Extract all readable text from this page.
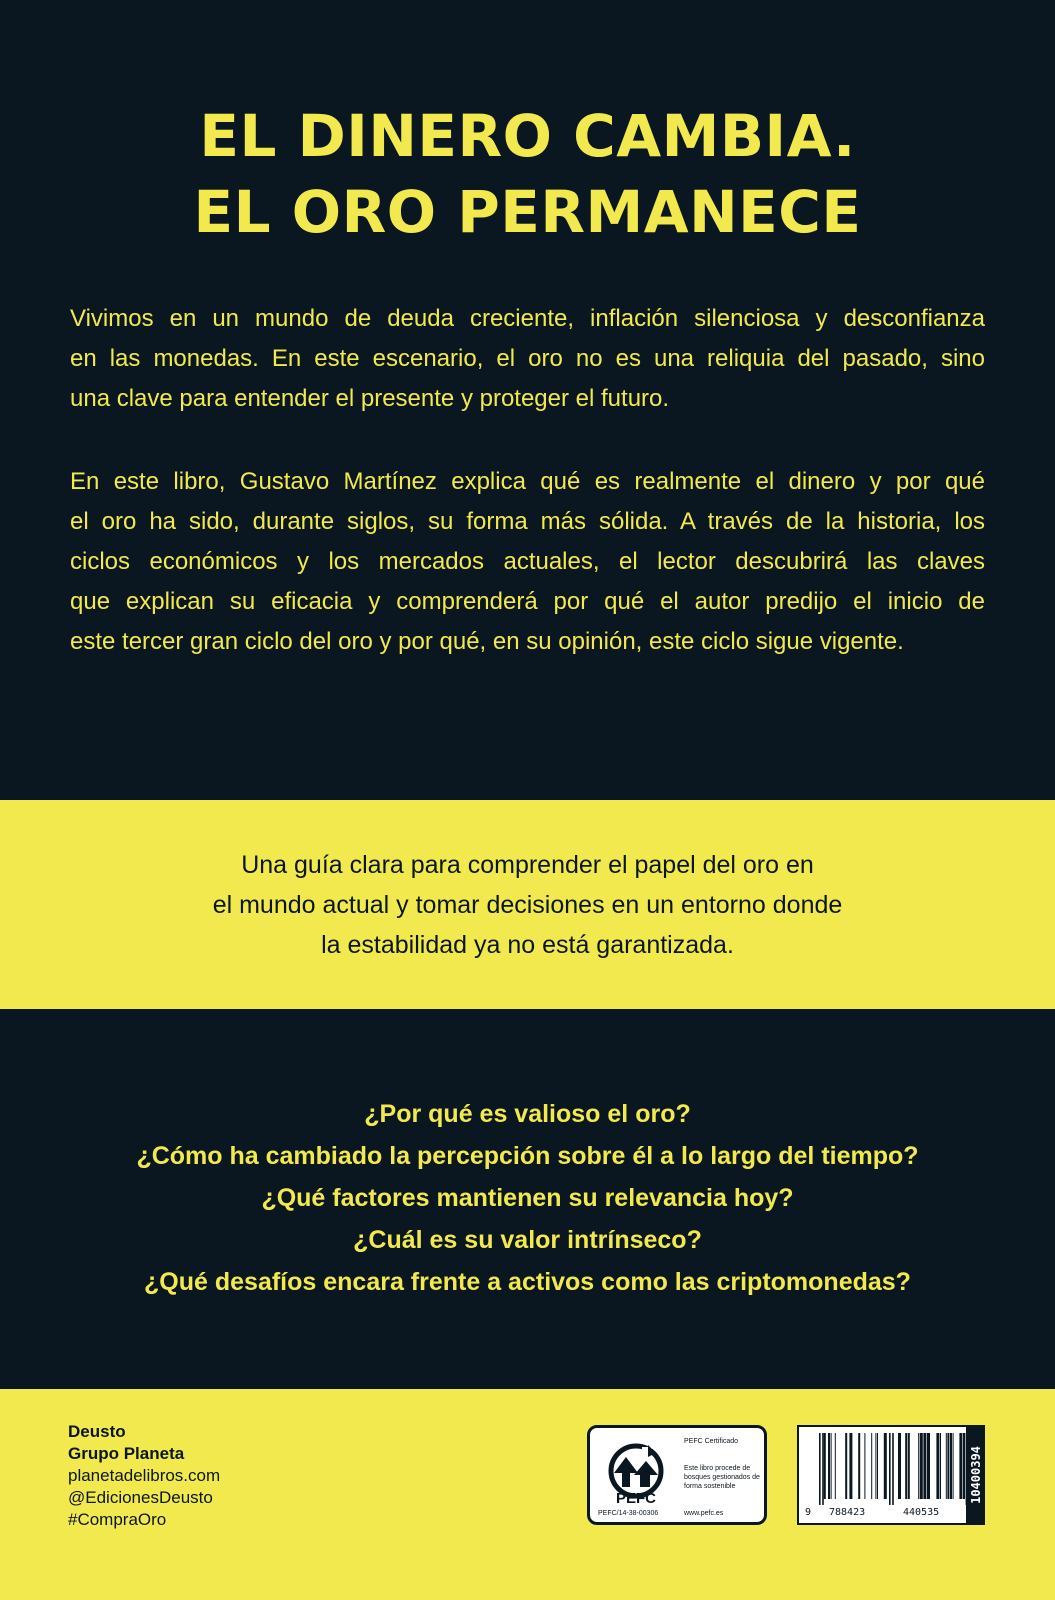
EL DINERO CAMBIA.
EL ORO PERMANECE
Vivimos en un mundo de deuda creciente, inflación silenciosa y desconfianza
en las monedas. En este escenario, el oro no es una reliquia del pasado, sino
una clave para entender el presente y proteger el futuro.
En este libro, Gustavo Martínez explica qué es realmente el dinero y por qué
el oro ha sido, durante siglos, su forma más sólida. A través de la historia, los
ciclos económicos y los mercados actuales, el lector descubrirá las claves
que explican su eficacia y comprenderá por qué el autor predijo el inicio de
este tercer gran ciclo del oro y por qué, en su opinión, este ciclo sigue vigente.
Una guía clara para comprender el papel del oro en
el mundo actual y tomar decisiones en un entorno donde
la estabilidad ya no está garantizada.
¿Por qué es valioso el oro?
¿Cómo ha cambiado la percepción sobre él a lo largo del tiempo?
¿Qué factores mantienen su relevancia hoy?
¿Cuál es su valor intrínseco?
¿Qué desafíos encara frente a activos como las criptomonedas?
Deusto
Grupo Planeta
planetadelibros.com
@EdicionesDeusto
#CompraOro
PEFC
PEFC/14-38-00306
PEFC Certificado
Este libro procede de bosques gestionados de forma sostenible
www.pefc.es	9 788423	440535
10400394
